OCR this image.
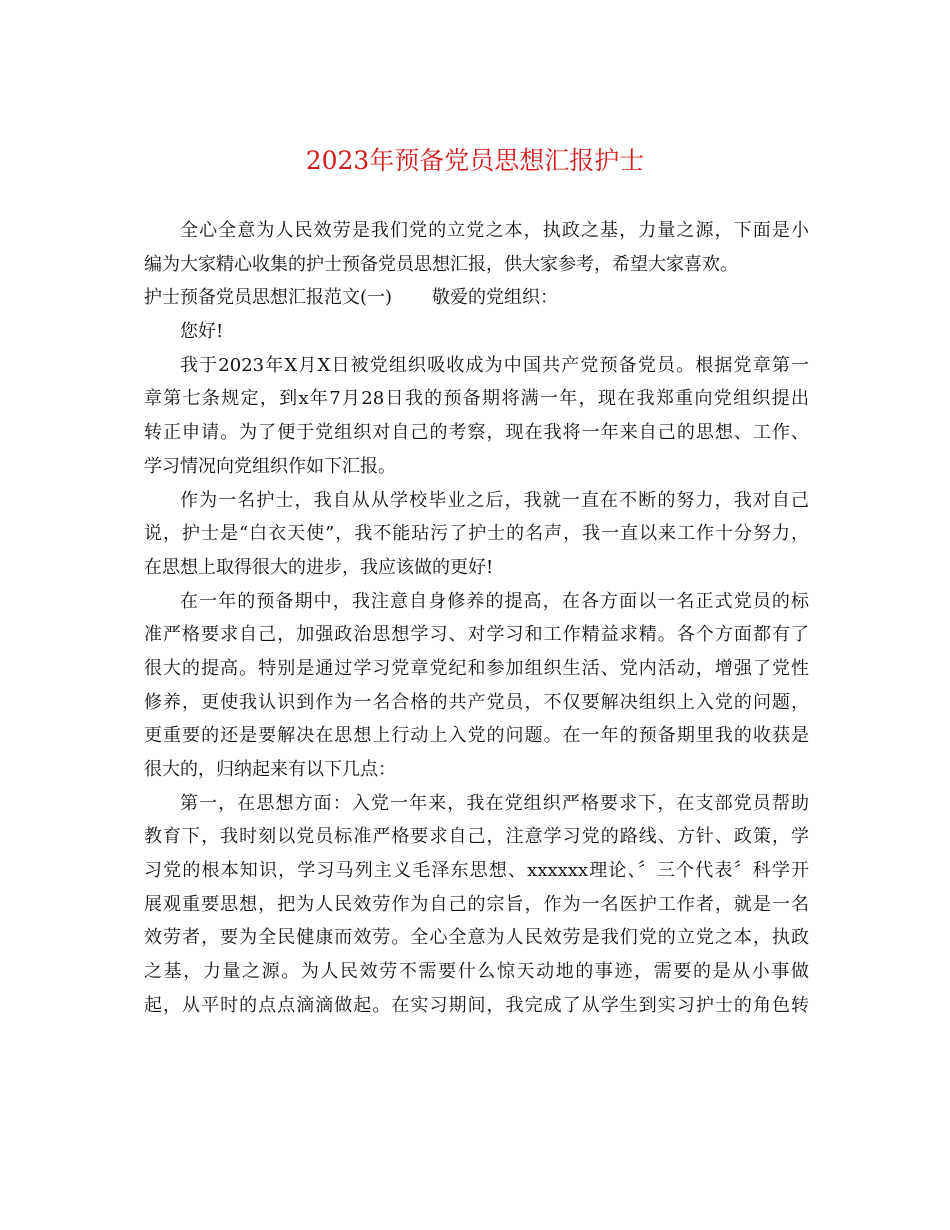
2023年预备党员思想汇报护士
全心全意为人民效劳是我们党的立党之本，执政之基，力量之源，下面是小
编为大家精心收集的护士预备党员思想汇报，供大家参考，希望大家喜欢。
护士预备党员思想汇报范文(一) 敬爱的党组织：
您好!
我于2023年X月X日被党组织吸收成为中国共产党预备党员。根据党章第一
章第七条规定，到x年7月28日我的预备期将满一年，现在我郑重向党组织提出
转正申请。为了便于党组织对自己的考察，现在我将一年来自己的思想、工作、
学习情况向党组织作如下汇报。
作为一名护士，我自从从学校毕业之后，我就一直在不断的努力，我对自己
说，护士是“白衣天使”，我不能玷污了护士的名声，我一直以来工作十分努力，
在思想上取得很大的进步，我应该做的更好!
在一年的预备期中，我注意自身修养的提高，在各方面以一名正式党员的标
准严格要求自己，加强政治思想学习、对学习和工作精益求精。各个方面都有了
很大的提高。特别是通过学习党章党纪和参加组织生活、党内活动，增强了党性
修养，更使我认识到作为一名合格的共产党员，不仅要解决组织上入党的问题，
更重要的还是要解决在思想上行动上入党的问题。在一年的预备期里我的收获是
很大的，归纳起来有以下几点：
第一，在思想方面：入党一年来，我在党组织严格要求下，在支部党员帮助
教育下，我时刻以党员标准严格要求自己，注意学习党的路线、方针、政策，学
习党的根本知识，学习马列主义毛泽东思想、xxxxxx理论、〞三个代表〞科学开
展观重要思想，把为人民效劳作为自己的宗旨，作为一名医护工作者，就是一名
效劳者，要为全民健康而效劳。全心全意为人民效劳是我们党的立党之本，执政
之基，力量之源。为人民效劳不需要什么惊天动地的事迹，需要的是从小事做
起，从平时的点点滴滴做起。在实习期间，我完成了从学生到实习护士的角色转
